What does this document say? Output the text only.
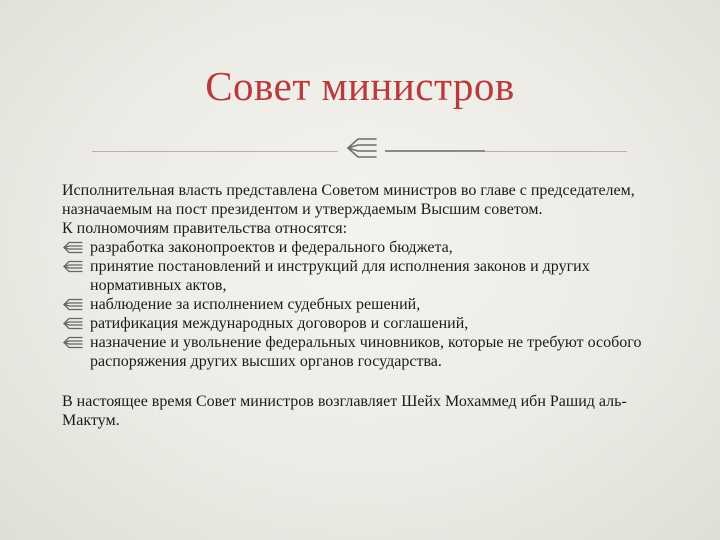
Совет министров

Исполнительная власть представлена Советом министров во главе с председателем, назначаемым на пост президентом и утверждаемым Высшим советом.

К полномочиям правительства относятся:

разработка законопроектов и федерального бюджета,
принятие постановлений и инструкций для исполнения законов и других нормативных актов,
наблюдение за исполнением судебных решений,
ратификация международных договоров и соглашений,
назначение и увольнение федеральных чиновников, которые не требуют особого распоряжения других высших органов государства.

В настоящее время Совет министров возглавляет Шейх Мохаммед ибн Рашид аль-Мактум.
